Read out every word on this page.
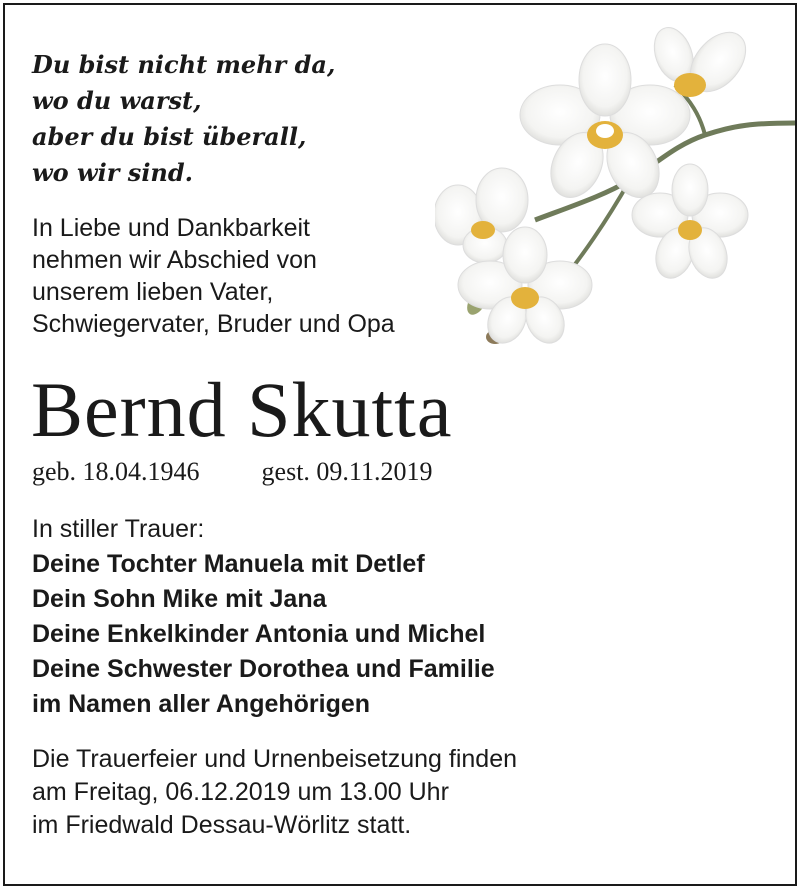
Du bist nicht mehr da,
wo du warst,
aber du bist überall,
wo wir sind.
In Liebe und Dankbarkeit
nehmen wir Abschied von
unserem lieben Vater,
Schwiegervater, Bruder und Opa
Bernd Skutta
geb. 18.04.1946 gest. 09.11.2019
In stiller Trauer:
Deine Tochter Manuela mit Detlef
Dein Sohn Mike mit Jana
Deine Enkelkinder Antonia und Michel
Deine Schwester Dorothea und Familie
im Namen aller Angehörigen
Die Trauerfeier und Urnenbeisetzung finden
am Freitag, 06.12.2019 um 13.00 Uhr
im Friedwald Dessau-Wörlitz statt.
